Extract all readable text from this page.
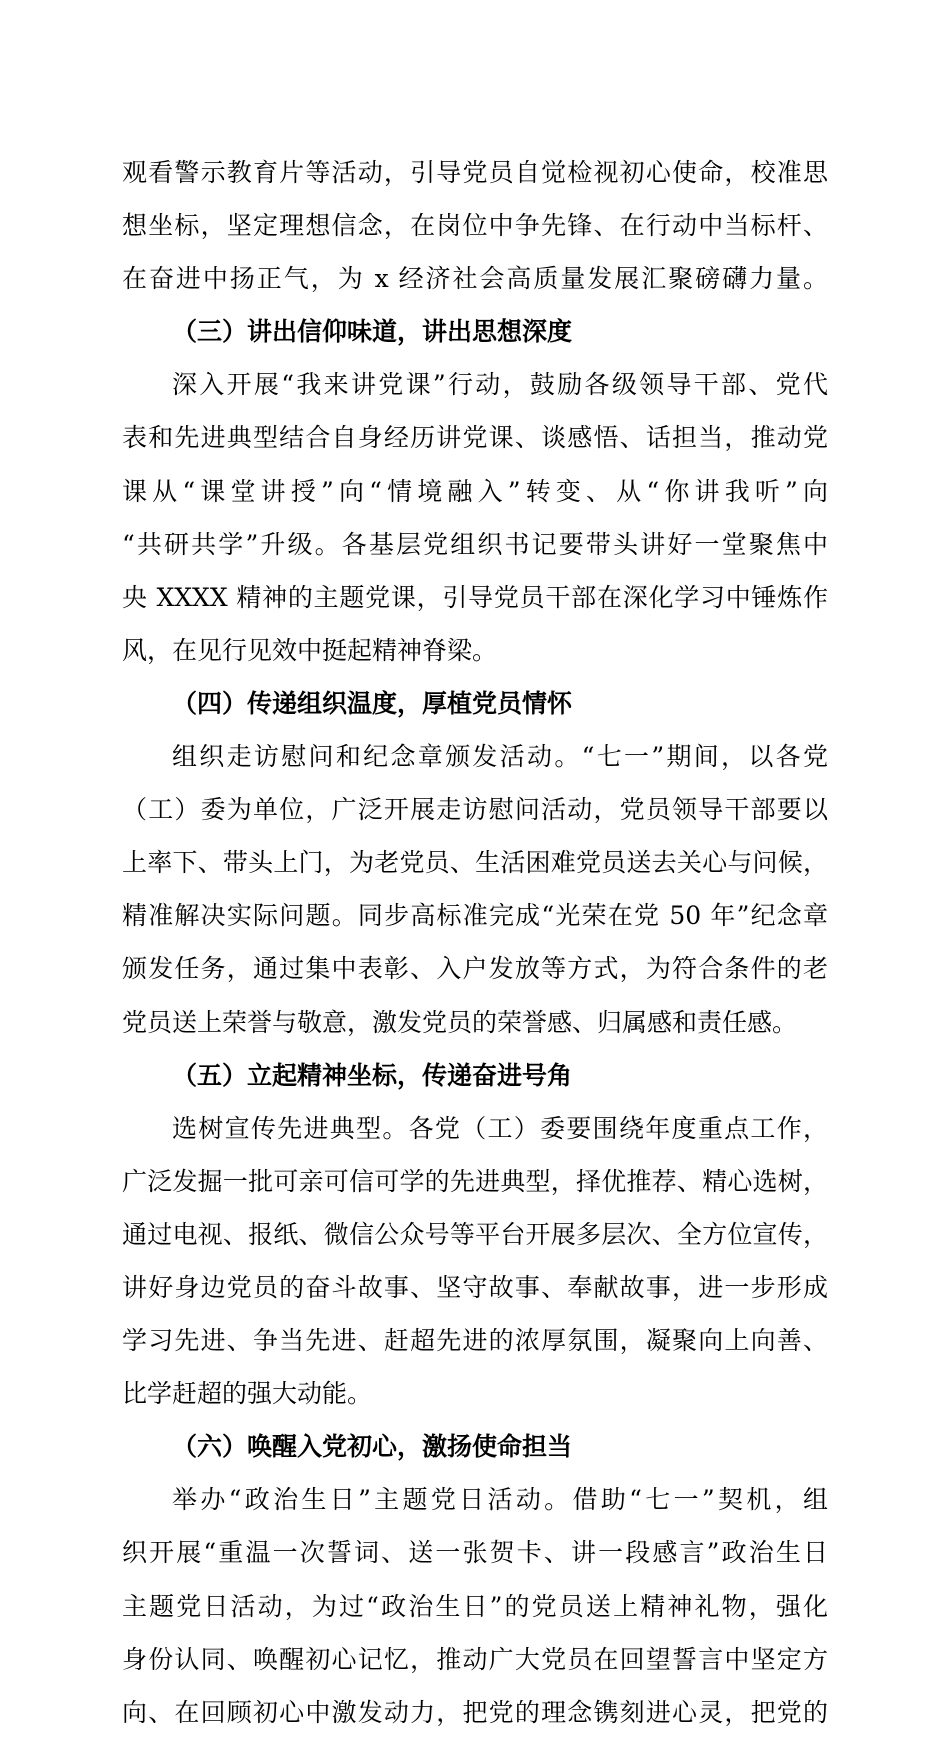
观看警示教育片等活动，引导党员自觉检视初心使命，校准思
想坐标，坚定理想信念，在岗位中争先锋、在行动中当标杆、
在奋进中扬正气，为 x 经济社会高质量发展汇聚磅礴力量。
（三）讲出信仰味道，讲出思想深度
深入开展“我来讲党课”行动，鼓励各级领导干部、党代
表和先进典型结合自身经历讲党课、谈感悟、话担当，推动党
课从“课堂讲授”向“情境融入”转变、从“你讲我听”向
“共研共学”升级。各基层党组织书记要带头讲好一堂聚焦中
央 XXXX 精神的主题党课，引导党员干部在深化学习中锤炼作
风，在见行见效中挺起精神脊梁。
（四）传递组织温度，厚植党员情怀
组织走访慰问和纪念章颁发活动。“七一”期间，以各党
（工）委为单位，广泛开展走访慰问活动，党员领导干部要以
上率下、带头上门，为老党员、生活困难党员送去关心与问候，
精准解决实际问题。同步高标准完成“光荣在党 50 年”纪念章
颁发任务，通过集中表彰、入户发放等方式，为符合条件的老
党员送上荣誉与敬意，激发党员的荣誉感、归属感和责任感。
（五）立起精神坐标，传递奋进号角
选树宣传先进典型。各党（工）委要围绕年度重点工作，
广泛发掘一批可亲可信可学的先进典型，择优推荐、精心选树，
通过电视、报纸、微信公众号等平台开展多层次、全方位宣传，
讲好身边党员的奋斗故事、坚守故事、奉献故事，进一步形成
学习先进、争当先进、赶超先进的浓厚氛围，凝聚向上向善、
比学赶超的强大动能。
（六）唤醒入党初心，激扬使命担当
举办“政治生日”主题党日活动。借助“七一”契机，组
织开展“重温一次誓词、送一张贺卡、讲一段感言”政治生日
主题党日活动，为过“政治生日”的党员送上精神礼物，强化
身份认同、唤醒初心记忆，推动广大党员在回望誓言中坚定方
向、在回顾初心中激发动力，把党的理念镌刻进心灵，把党的
